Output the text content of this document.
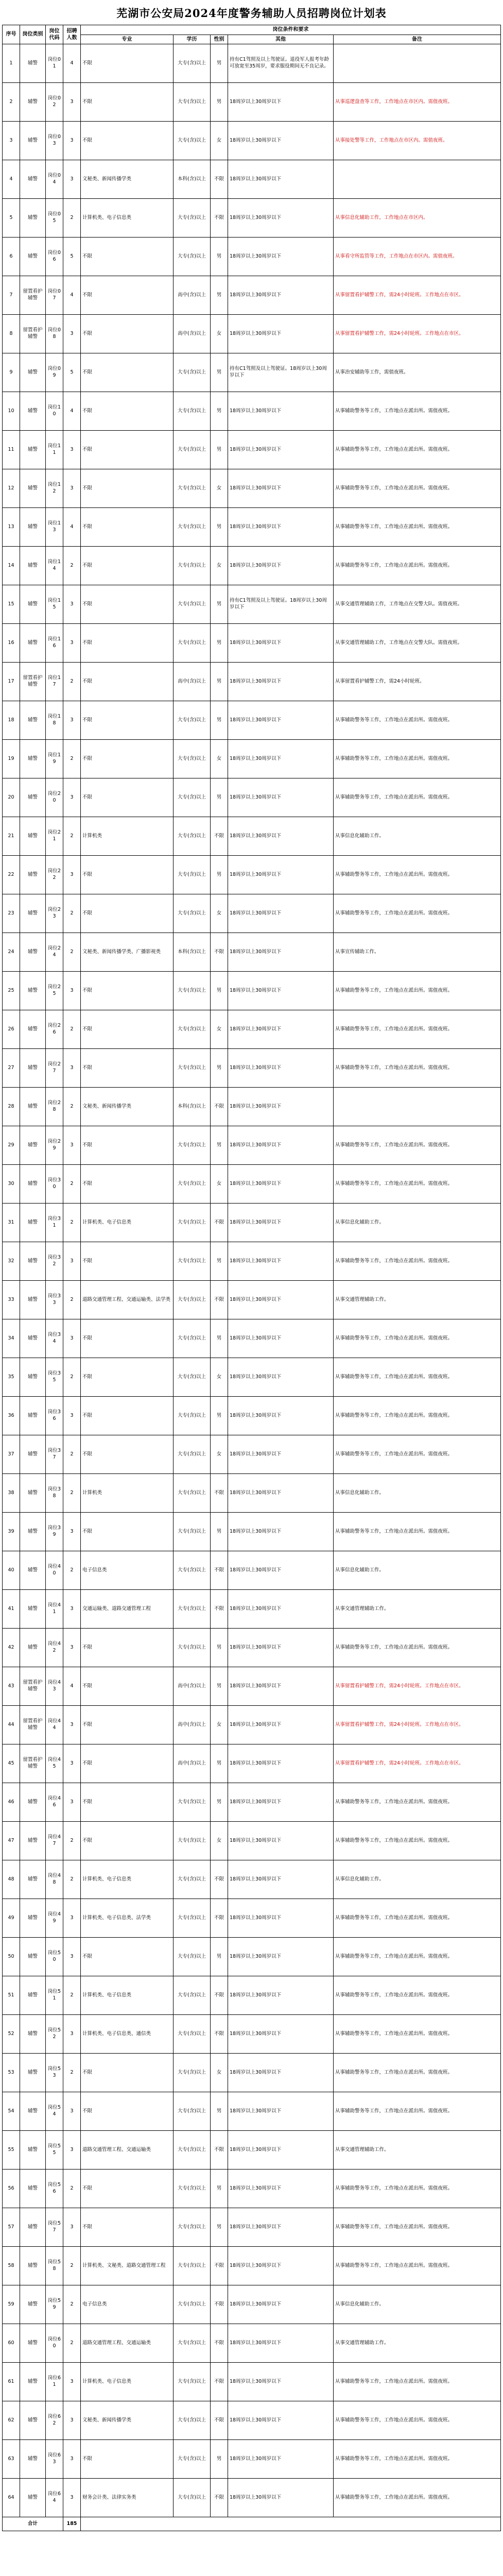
芜湖市公安局2024年度警务辅助人员招聘岗位计划表
序号	岗位类别	岗位代码	招聘人数	岗位条件和要求				
				专业	学历	性别	其他	备注
1	辅警	岗位01	4	不限	大专(含)以上	男	持有C1驾照及以上驾驶证。退役军人报考年龄可放宽至35周岁，要求服役期间无不良记录。	
2	辅警	岗位02	3	不限	大专(含)以上	男	18周岁以上30周岁以下	从事巡逻盘查等工作，工作地点在市区内。需值夜班。
3	辅警	岗位03	3	不限	大专(含)以上	女	18周岁以上30周岁以下	从事接处警等工作，工作地点在市区内。需值夜班。
4	辅警	岗位04	3	文秘类、新闻传播学类	本科(含)以上	不限	18周岁以上30周岁以下	
5	辅警	岗位05	2	计算机类、电子信息类	大专(含)以上	不限	18周岁以上30周岁以下	从事信息化辅助工作，工作地点在市区内。
6	辅警	岗位06	5	不限	大专(含)以上	男	18周岁以上30周岁以下	从事看守所监管等工作，工作地点在市区内。需值夜班。
7	留置看护辅警	岗位07	4	不限	高中(含)以上	男	18周岁以上30周岁以下	从事留置看护辅警工作，需24小时轮班。工作地点在市区。
8	留置看护辅警	岗位08	3	不限	高中(含)以上	女	18周岁以上30周岁以下	从事留置看护辅警工作，需24小时轮班。工作地点在市区。
9	辅警	岗位09	5	不限	大专(含)以上	男	持有C1驾照及以上驾驶证。18周岁以上30周岁以下	从事治安辅助等工作，需值夜班。
10	辅警	岗位10	4	不限	大专(含)以上	男	18周岁以上30周岁以下	从事辅助警务等工作，工作地点在派出所。需值夜班。
11	辅警	岗位11	3	不限	大专(含)以上	男	18周岁以上30周岁以下	从事辅助警务等工作，工作地点在派出所。需值夜班。
12	辅警	岗位12	3	不限	大专(含)以上	女	18周岁以上30周岁以下	从事辅助警务等工作，工作地点在派出所。需值夜班。
13	辅警	岗位13	4	不限	大专(含)以上	男	18周岁以上30周岁以下	从事辅助警务等工作，工作地点在派出所。需值夜班。
14	辅警	岗位14	2	不限	大专(含)以上	女	18周岁以上30周岁以下	从事辅助警务等工作，工作地点在派出所。需值夜班。
15	辅警	岗位15	3	不限	大专(含)以上	男	持有C1驾照及以上驾驶证。18周岁以上30周岁以下	从事交通管理辅助工作，工作地点在交警大队。需值夜班。
16	辅警	岗位16	3	不限	大专(含)以上	男	18周岁以上30周岁以下	从事交通管理辅助工作，工作地点在交警大队。需值夜班。
17	留置看护辅警	岗位17	2	不限	高中(含)以上	男	18周岁以上30周岁以下	从事留置看护辅警工作，需24小时轮班。
18	辅警	岗位18	3	不限	大专(含)以上	男	18周岁以上30周岁以下	从事辅助警务等工作，工作地点在派出所。需值夜班。
19	辅警	岗位19	2	不限	大专(含)以上	女	18周岁以上30周岁以下	从事辅助警务等工作，工作地点在派出所。需值夜班。
20	辅警	岗位20	3	不限	大专(含)以上	男	18周岁以上30周岁以下	从事辅助警务等工作，工作地点在派出所。需值夜班。
21	辅警	岗位21	2	计算机类	大专(含)以上	不限	18周岁以上30周岁以下	从事信息化辅助工作。
22	辅警	岗位22	3	不限	大专(含)以上	男	18周岁以上30周岁以下	从事辅助警务等工作，工作地点在派出所。需值夜班。
23	辅警	岗位23	2	不限	大专(含)以上	女	18周岁以上30周岁以下	从事辅助警务等工作，工作地点在派出所。需值夜班。
24	辅警	岗位24	2	文秘类、新闻传播学类、广播影视类	本科(含)以上	不限	18周岁以上30周岁以下	从事宣传辅助工作。
25	辅警	岗位25	3	不限	大专(含)以上	男	18周岁以上30周岁以下	从事辅助警务等工作，工作地点在派出所。需值夜班。
26	辅警	岗位26	2	不限	大专(含)以上	女	18周岁以上30周岁以下	从事辅助警务等工作，工作地点在派出所。需值夜班。
27	辅警	岗位27	3	不限	大专(含)以上	男	18周岁以上30周岁以下	从事辅助警务等工作，工作地点在派出所。需值夜班。
28	辅警	岗位28	2	文秘类、新闻传播学类	本科(含)以上	不限	18周岁以上30周岁以下	
29	辅警	岗位29	3	不限	大专(含)以上	男	18周岁以上30周岁以下	从事辅助警务等工作，工作地点在派出所。需值夜班。
30	辅警	岗位30	2	不限	大专(含)以上	女	18周岁以上30周岁以下	从事辅助警务等工作，工作地点在派出所。需值夜班。
31	辅警	岗位31	2	计算机类、电子信息类	大专(含)以上	不限	18周岁以上30周岁以下	从事信息化辅助工作。
32	辅警	岗位32	3	不限	大专(含)以上	男	18周岁以上30周岁以下	从事辅助警务等工作，工作地点在派出所。需值夜班。
33	辅警	岗位33	2	道路交通管理工程、交通运输类、法学类	大专(含)以上	不限	18周岁以上30周岁以下	从事交通管理辅助工作。
34	辅警	岗位34	3	不限	大专(含)以上	男	18周岁以上30周岁以下	从事辅助警务等工作，工作地点在派出所。需值夜班。
35	辅警	岗位35	2	不限	大专(含)以上	女	18周岁以上30周岁以下	从事辅助警务等工作，工作地点在派出所。需值夜班。
36	辅警	岗位36	3	不限	大专(含)以上	男	18周岁以上30周岁以下	从事辅助警务等工作，工作地点在派出所。需值夜班。
37	辅警	岗位37	2	不限	大专(含)以上	女	18周岁以上30周岁以下	从事辅助警务等工作，工作地点在派出所。需值夜班。
38	辅警	岗位38	2	计算机类	大专(含)以上	不限	18周岁以上30周岁以下	从事信息化辅助工作。
39	辅警	岗位39	3	不限	大专(含)以上	男	18周岁以上30周岁以下	从事辅助警务等工作，工作地点在派出所。需值夜班。
40	辅警	岗位40	2	电子信息类	大专(含)以上	不限	18周岁以上30周岁以下	从事信息化辅助工作。
41	辅警	岗位41	3	交通运输类、道路交通管理工程	大专(含)以上	不限	18周岁以上30周岁以下	从事交通管理辅助工作。
42	辅警	岗位42	3	不限	大专(含)以上	男	18周岁以上30周岁以下	从事辅助警务等工作，工作地点在派出所。需值夜班。
43	留置看护辅警	岗位43	4	不限	高中(含)以上	男	18周岁以上30周岁以下	从事留置看护辅警工作，需24小时轮班。工作地点在市区。
44	留置看护辅警	岗位44	3	不限	高中(含)以上	女	18周岁以上30周岁以下	从事留置看护辅警工作，需24小时轮班。工作地点在市区。
45	留置看护辅警	岗位45	3	不限	高中(含)以上	男	18周岁以上30周岁以下	从事留置看护辅警工作，需24小时轮班。工作地点在市区。
46	辅警	岗位46	3	不限	大专(含)以上	男	18周岁以上30周岁以下	从事辅助警务等工作，工作地点在派出所。需值夜班。
47	辅警	岗位47	2	不限	大专(含)以上	女	18周岁以上30周岁以下	从事辅助警务等工作，工作地点在派出所。需值夜班。
48	辅警	岗位48	2	计算机类、电子信息类	大专(含)以上	不限	18周岁以上30周岁以下	从事信息化辅助工作。
49	辅警	岗位49	3	计算机类、电子信息类、法学类	大专(含)以上	不限	18周岁以上30周岁以下	从事辅助警务等工作，工作地点在派出所。需值夜班。
50	辅警	岗位50	3	不限	大专(含)以上	男	18周岁以上30周岁以下	从事辅助警务等工作，工作地点在派出所。需值夜班。
51	辅警	岗位51	2	计算机类、电子信息类	大专(含)以上	不限	18周岁以上30周岁以下	从事辅助警务等工作，工作地点在派出所。需值夜班。
52	辅警	岗位52	3	计算机类、电子信息类、通信类	大专(含)以上	不限	18周岁以上30周岁以下	从事辅助警务等工作，工作地点在派出所。需值夜班。
53	辅警	岗位53	2	不限	大专(含)以上	女	18周岁以上30周岁以下	从事辅助警务等工作，工作地点在派出所。需值夜班。
54	辅警	岗位54	3	不限	大专(含)以上	男	18周岁以上30周岁以下	从事辅助警务等工作，工作地点在派出所。需值夜班。
55	辅警	岗位55	3	道路交通管理工程、交通运输类	大专(含)以上	不限	18周岁以上30周岁以下	从事交通管理辅助工作。
56	辅警	岗位56	2	不限	大专(含)以上	男	18周岁以上30周岁以下	从事辅助警务等工作，工作地点在派出所。需值夜班。
57	辅警	岗位57	3	不限	大专(含)以上	男	18周岁以上30周岁以下	从事辅助警务等工作，工作地点在派出所。需值夜班。
58	辅警	岗位58	2	计算机类、文秘类、道路交通管理工程	大专(含)以上	不限	18周岁以上30周岁以下	从事辅助警务等工作，工作地点在派出所。需值夜班。
59	辅警	岗位59	2	电子信息类	大专(含)以上	不限	18周岁以上30周岁以下	从事信息化辅助工作。
60	辅警	岗位60	2	道路交通管理工程、交通运输类	大专(含)以上	不限	18周岁以上30周岁以下	从事交通管理辅助工作。
61	辅警	岗位61	3	计算机类、电子信息类	大专(含)以上	不限	18周岁以上30周岁以下	从事辅助警务等工作，工作地点在派出所。需值夜班。
62	辅警	岗位62	3	文秘类、新闻传播学类	大专(含)以上	不限	18周岁以上30周岁以下	从事辅助警务等工作，工作地点在派出所。需值夜班。
63	辅警	岗位63	3	不限	大专(含)以上	男	18周岁以上30周岁以下	从事辅助警务等工作，工作地点在派出所。需值夜班。
64	辅警	岗位64	3	财务会计类、法律实务类	大专(含)以上	不限	18周岁以上30周岁以下	从事辅助警务等工作，工作地点在派出所。需值夜班。
合计			185					
